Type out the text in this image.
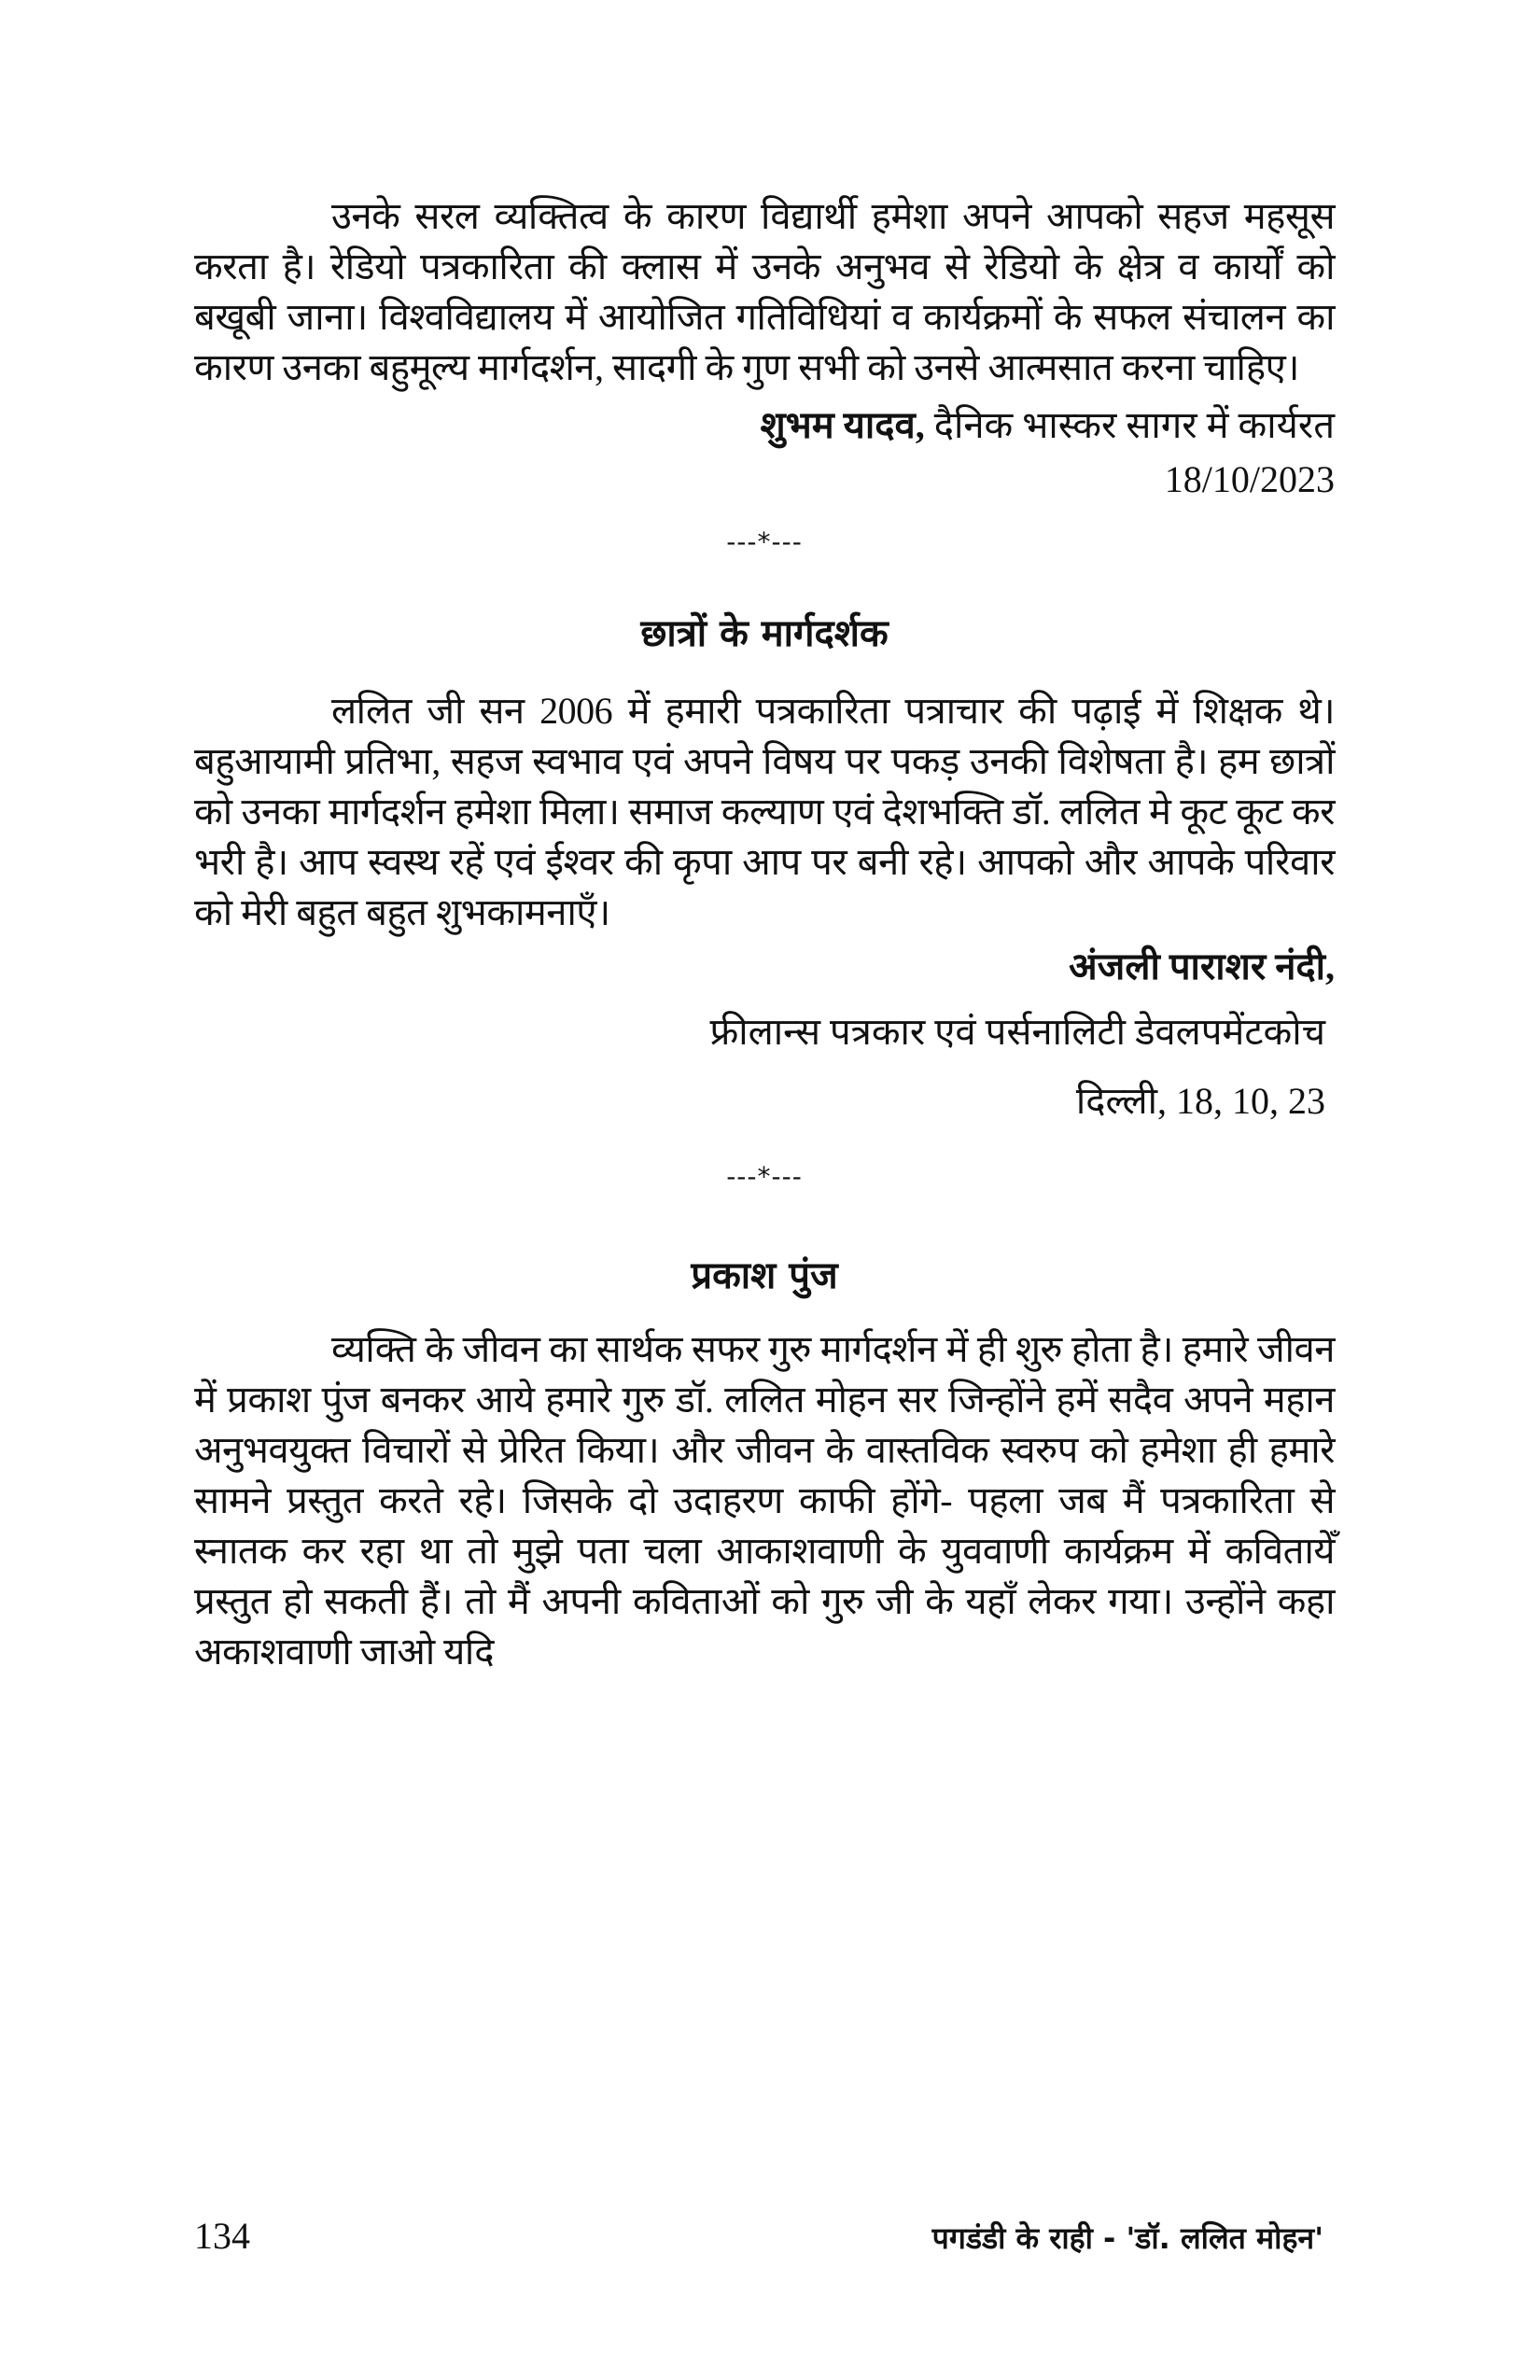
उनके सरल व्यक्तित्व के कारण विद्यार्थी हमेशा अपने आपको सहज महसूस करता है। रेडियो पत्रकारिता की क्लास में उनके अनुभव से रेडियो के क्षेत्र व कार्यों को बखूबी जाना। विश्वविद्यालय में आयोजित गतिविधियां व कार्यक्रमों के सफल संचालन का कारण उनका बहुमूल्य मार्गदर्शन, सादगी के गुण सभी को उनसे आत्मसात करना चाहिए।

शुभम यादव, दैनिक भास्कर सागर में कार्यरत

18/10/2023

---*---

छात्रों के मार्गदर्शक

ललित जी सन 2006 में हमारी पत्रकारिता पत्राचार की पढ़ाई में शिक्षक थे। बहुआयामी प्रतिभा, सहज स्वभाव एवं अपने विषय पर पकड़ उनकी विशेषता है। हम छात्रों को उनका मार्गदर्शन हमेशा मिला। समाज कल्याण एवं देशभक्ति डॉ. ललित मे कूट कूट कर भरी है। आप स्वस्थ रहें एवं ईश्वर की कृपा आप पर बनी रहे। आपको और आपके परिवार को मेरी बहुत बहुत शुभकामनाएँ।

अंजली पाराशर नंदी,

फ्रीलान्स पत्रकार एवं पर्सनालिटी डेवलपमेंटकोच

दिल्ली, 18, 10, 23

---*---

प्रकाश पुंज

व्यक्ति के जीवन का सार्थक सफर गुरु मार्गदर्शन में ही शुरु होता है। हमारे जीवन में प्रकाश पुंज बनकर आये हमारे गुरु डॉ. ललित मोहन सर जिन्होंने हमें सदैव अपने महान अनुभवयुक्त विचारों से प्रेरित किया। और जीवन के वास्तविक स्वरुप को हमेशा ही हमारे सामने प्रस्तुत करते रहे। जिसके दो उदाहरण काफी होंगे- पहला जब मैं पत्रकारिता से स्नातक कर रहा था तो मुझे पता चला आकाशवाणी के युववाणी कार्यक्रम में कवितायेँ प्रस्तुत हो सकती हैं। तो मैं अपनी कविताओं को गुरु जी के यहाँ लेकर गया। उन्होंने कहा अकाशवाणी जाओ यदि

134	पगडंडी के राही - 'डॉ. ललित मोहन'
